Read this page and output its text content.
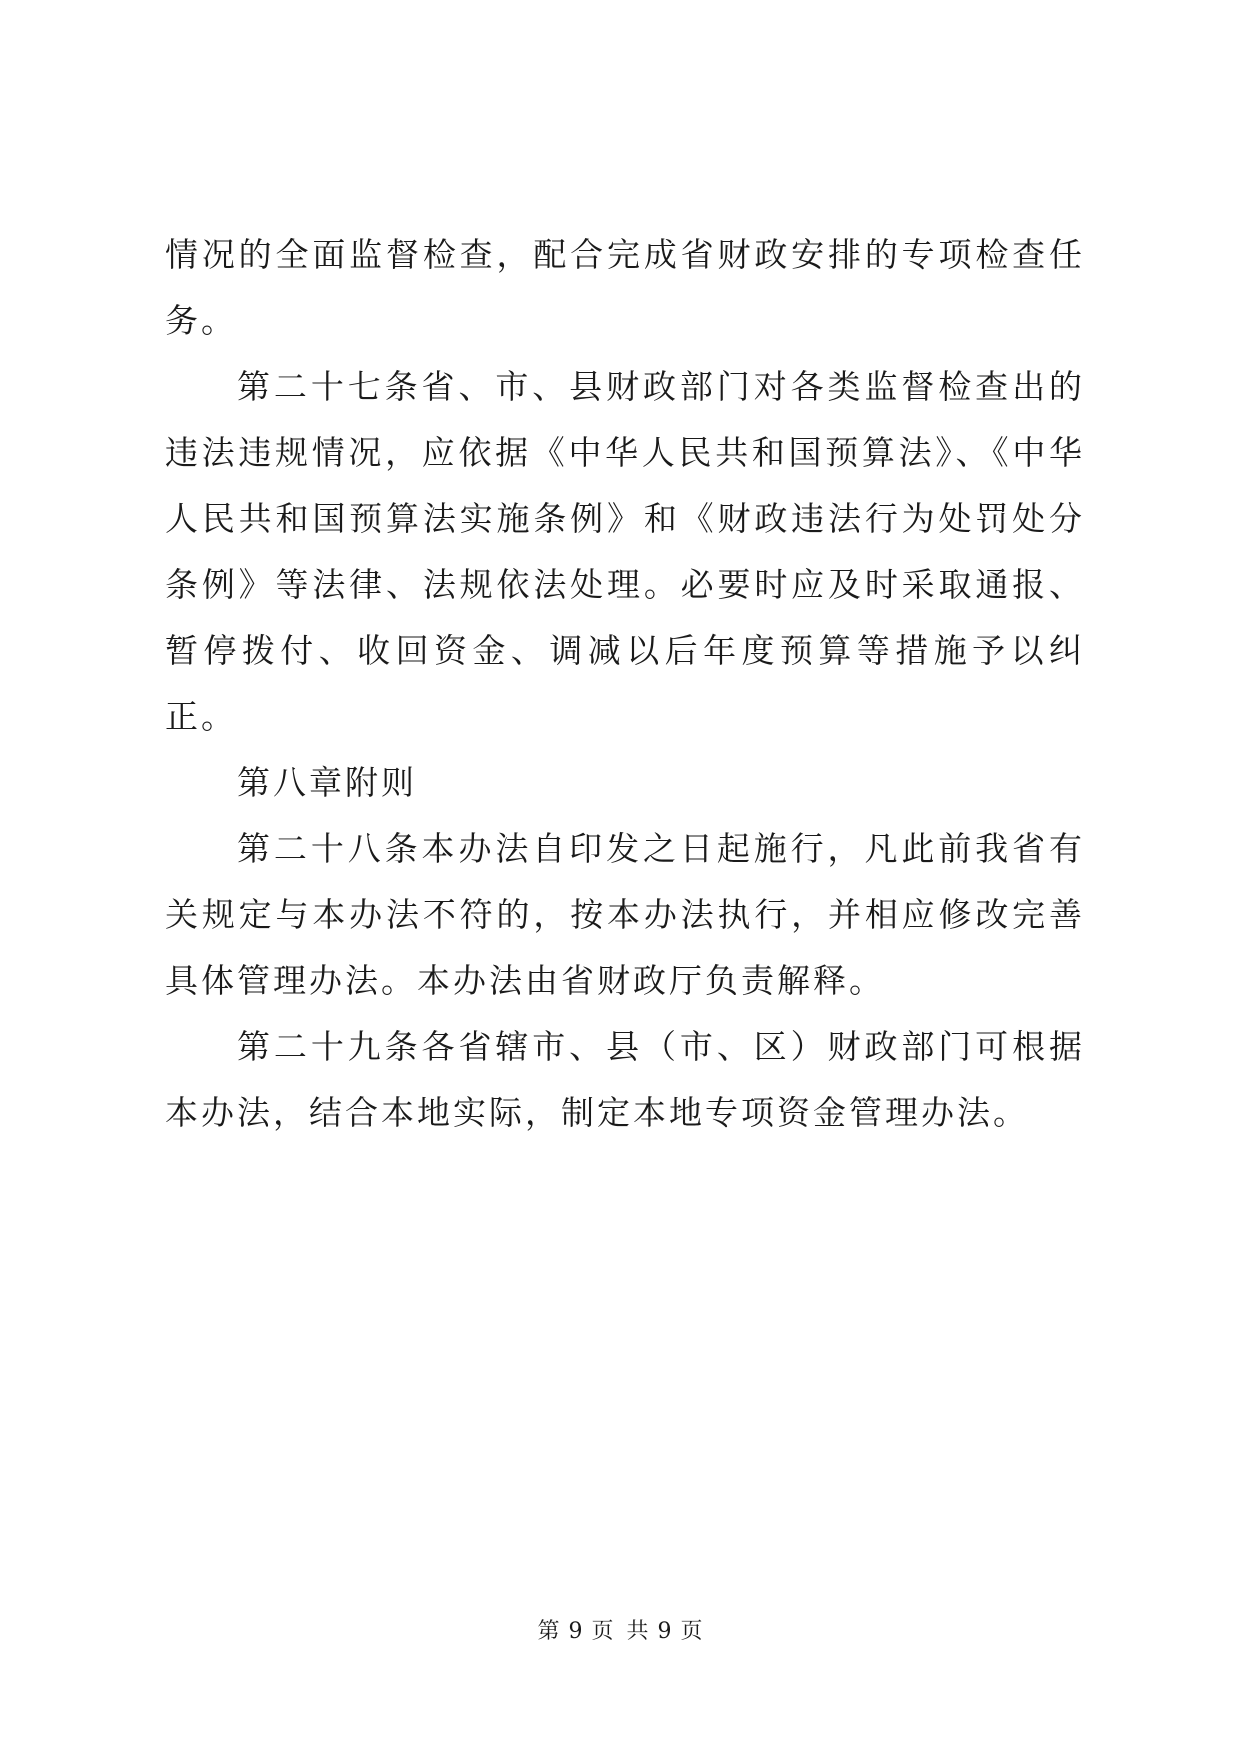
情况的全面监督检查，配合完成省财政安排的专项检查任务。

第二十七条省、市、县财政部门对各类监督检查出的违法违规情况，应依据《中华人民共和国预算法》、《中华人民共和国预算法实施条例》和《财政违法行为处罚处分条例》等法律、法规依法处理。必要时应及时采取通报、暂停拨付、收回资金、调减以后年度预算等措施予以纠正。

第八章附则

第二十八条本办法自印发之日起施行，凡此前我省有关规定与本办法不符的，按本办法执行，并相应修改完善具体管理办法。本办法由省财政厅负责解释。

第二十九条各省辖市、县（市、区）财政部门可根据本办法，结合本地实际，制定本地专项资金管理办法。

第 9 页 共 9 页
